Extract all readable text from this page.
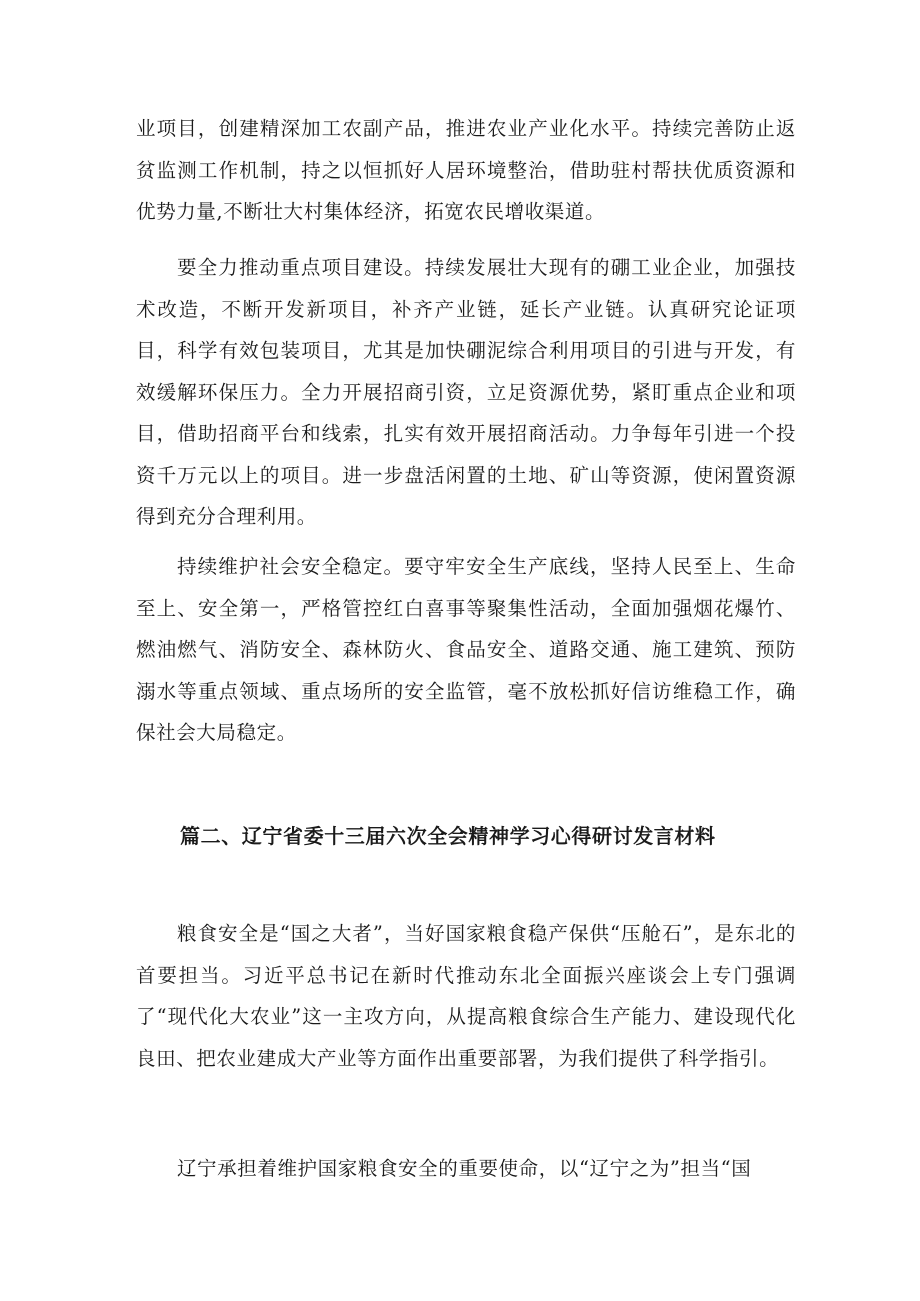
业项目，创建精深加工农副产品，推进农业产业化水平。持续完善防止返贫监测工作机制，持之以恒抓好人居环境整治，借助驻村帮扶优质资源和优势力量,不断壮大村集体经济，拓宽农民增收渠道。

要全力推动重点项目建设。持续发展壮大现有的硼工业企业，加强技术改造，不断开发新项目，补齐产业链，延长产业链。认真研究论证项目，科学有效包装项目，尤其是加快硼泥综合利用项目的引进与开发，有效缓解环保压力。全力开展招商引资，立足资源优势，紧盯重点企业和项目，借助招商平台和线索，扎实有效开展招商活动。力争每年引进一个投资千万元以上的项目。进一步盘活闲置的土地、矿山等资源，使闲置资源得到充分合理利用。

持续维护社会安全稳定。要守牢安全生产底线，坚持人民至上、生命至上、安全第一，严格管控红白喜事等聚集性活动，全面加强烟花爆竹、燃油燃气、消防安全、森林防火、食品安全、道路交通、施工建筑、预防溺水等重点领域、重点场所的安全监管，毫不放松抓好信访维稳工作，确保社会大局稳定。

篇二、辽宁省委十三届六次全会精神学习心得研讨发言材料

粮食安全是“国之大者”，当好国家粮食稳产保供“压舱石”，是东北的首要担当。习近平总书记在新时代推动东北全面振兴座谈会上专门强调了“现代化大农业”这一主攻方向，从提高粮食综合生产能力、建设现代化良田、把农业建成大产业等方面作出重要部署，为我们提供了科学指引。

辽宁承担着维护国家粮食安全的重要使命，以“辽宁之为”担当“国
